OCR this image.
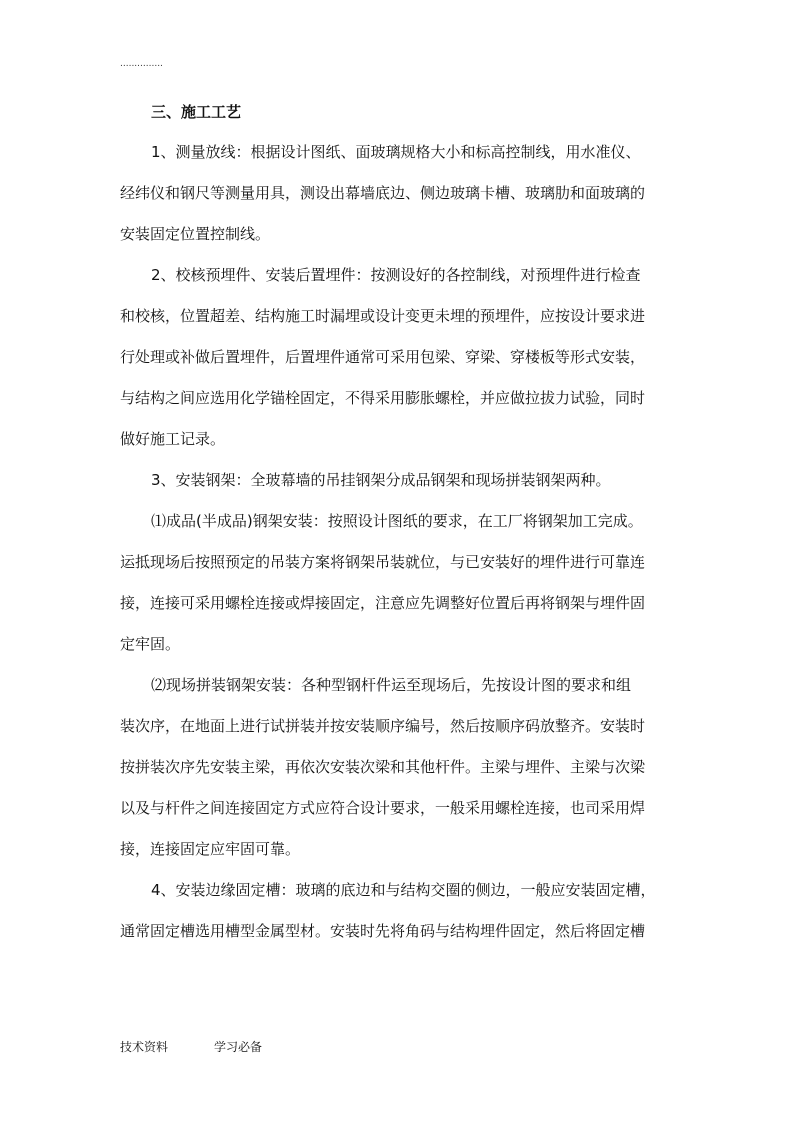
...............
三、施工工艺
1、测量放线：根据设计图纸、面玻璃规格大小和标高控制线，用水准仪、
经纬仪和钢尺等测量用具，测设出幕墙底边、侧边玻璃卡槽、玻璃肋和面玻璃的
安装固定位置控制线。
2、校核预埋件、安装后置埋件：按测设好的各控制线，对预埋件进行检查
和校核，位置超差、结构施工时漏埋或设计变更未埋的预埋件，应按设计要求进
行处理或补做后置埋件，后置埋件通常可采用包梁、穿梁、穿楼板等形式安装，
与结构之间应选用化学锚栓固定，不得采用膨胀螺栓，并应做拉拔力试验，同时
做好施工记录。
3、安装钢架：全玻幕墙的吊挂钢架分成品钢架和现场拼装钢架两种。
⑴成品(半成品)钢架安装：按照设计图纸的要求，在工厂将钢架加工完成。
运抵现场后按照预定的吊装方案将钢架吊装就位，与已安装好的埋件进行可靠连
接，连接可采用螺栓连接或焊接固定，注意应先调整好位置后再将钢架与埋件固
定牢固。
⑵现场拼装钢架安装：各种型钢杆件运至现场后，先按设计图的要求和组
装次序，在地面上进行试拼装并按安装顺序编号，然后按顺序码放整齐。安装时
按拼装次序先安装主梁，再依次安装次梁和其他杆件。主梁与埋件、主梁与次梁
以及与杆件之间连接固定方式应符合设计要求，一般采用螺栓连接，也司采用焊
接，连接固定应牢固可靠。
4、安装边缘固定槽：玻璃的底边和与结构交圈的侧边，一般应安装固定槽，
通常固定槽选用槽型金属型材。安装时先将角码与结构埋件固定，然后将固定槽
技术资料	学习必备
